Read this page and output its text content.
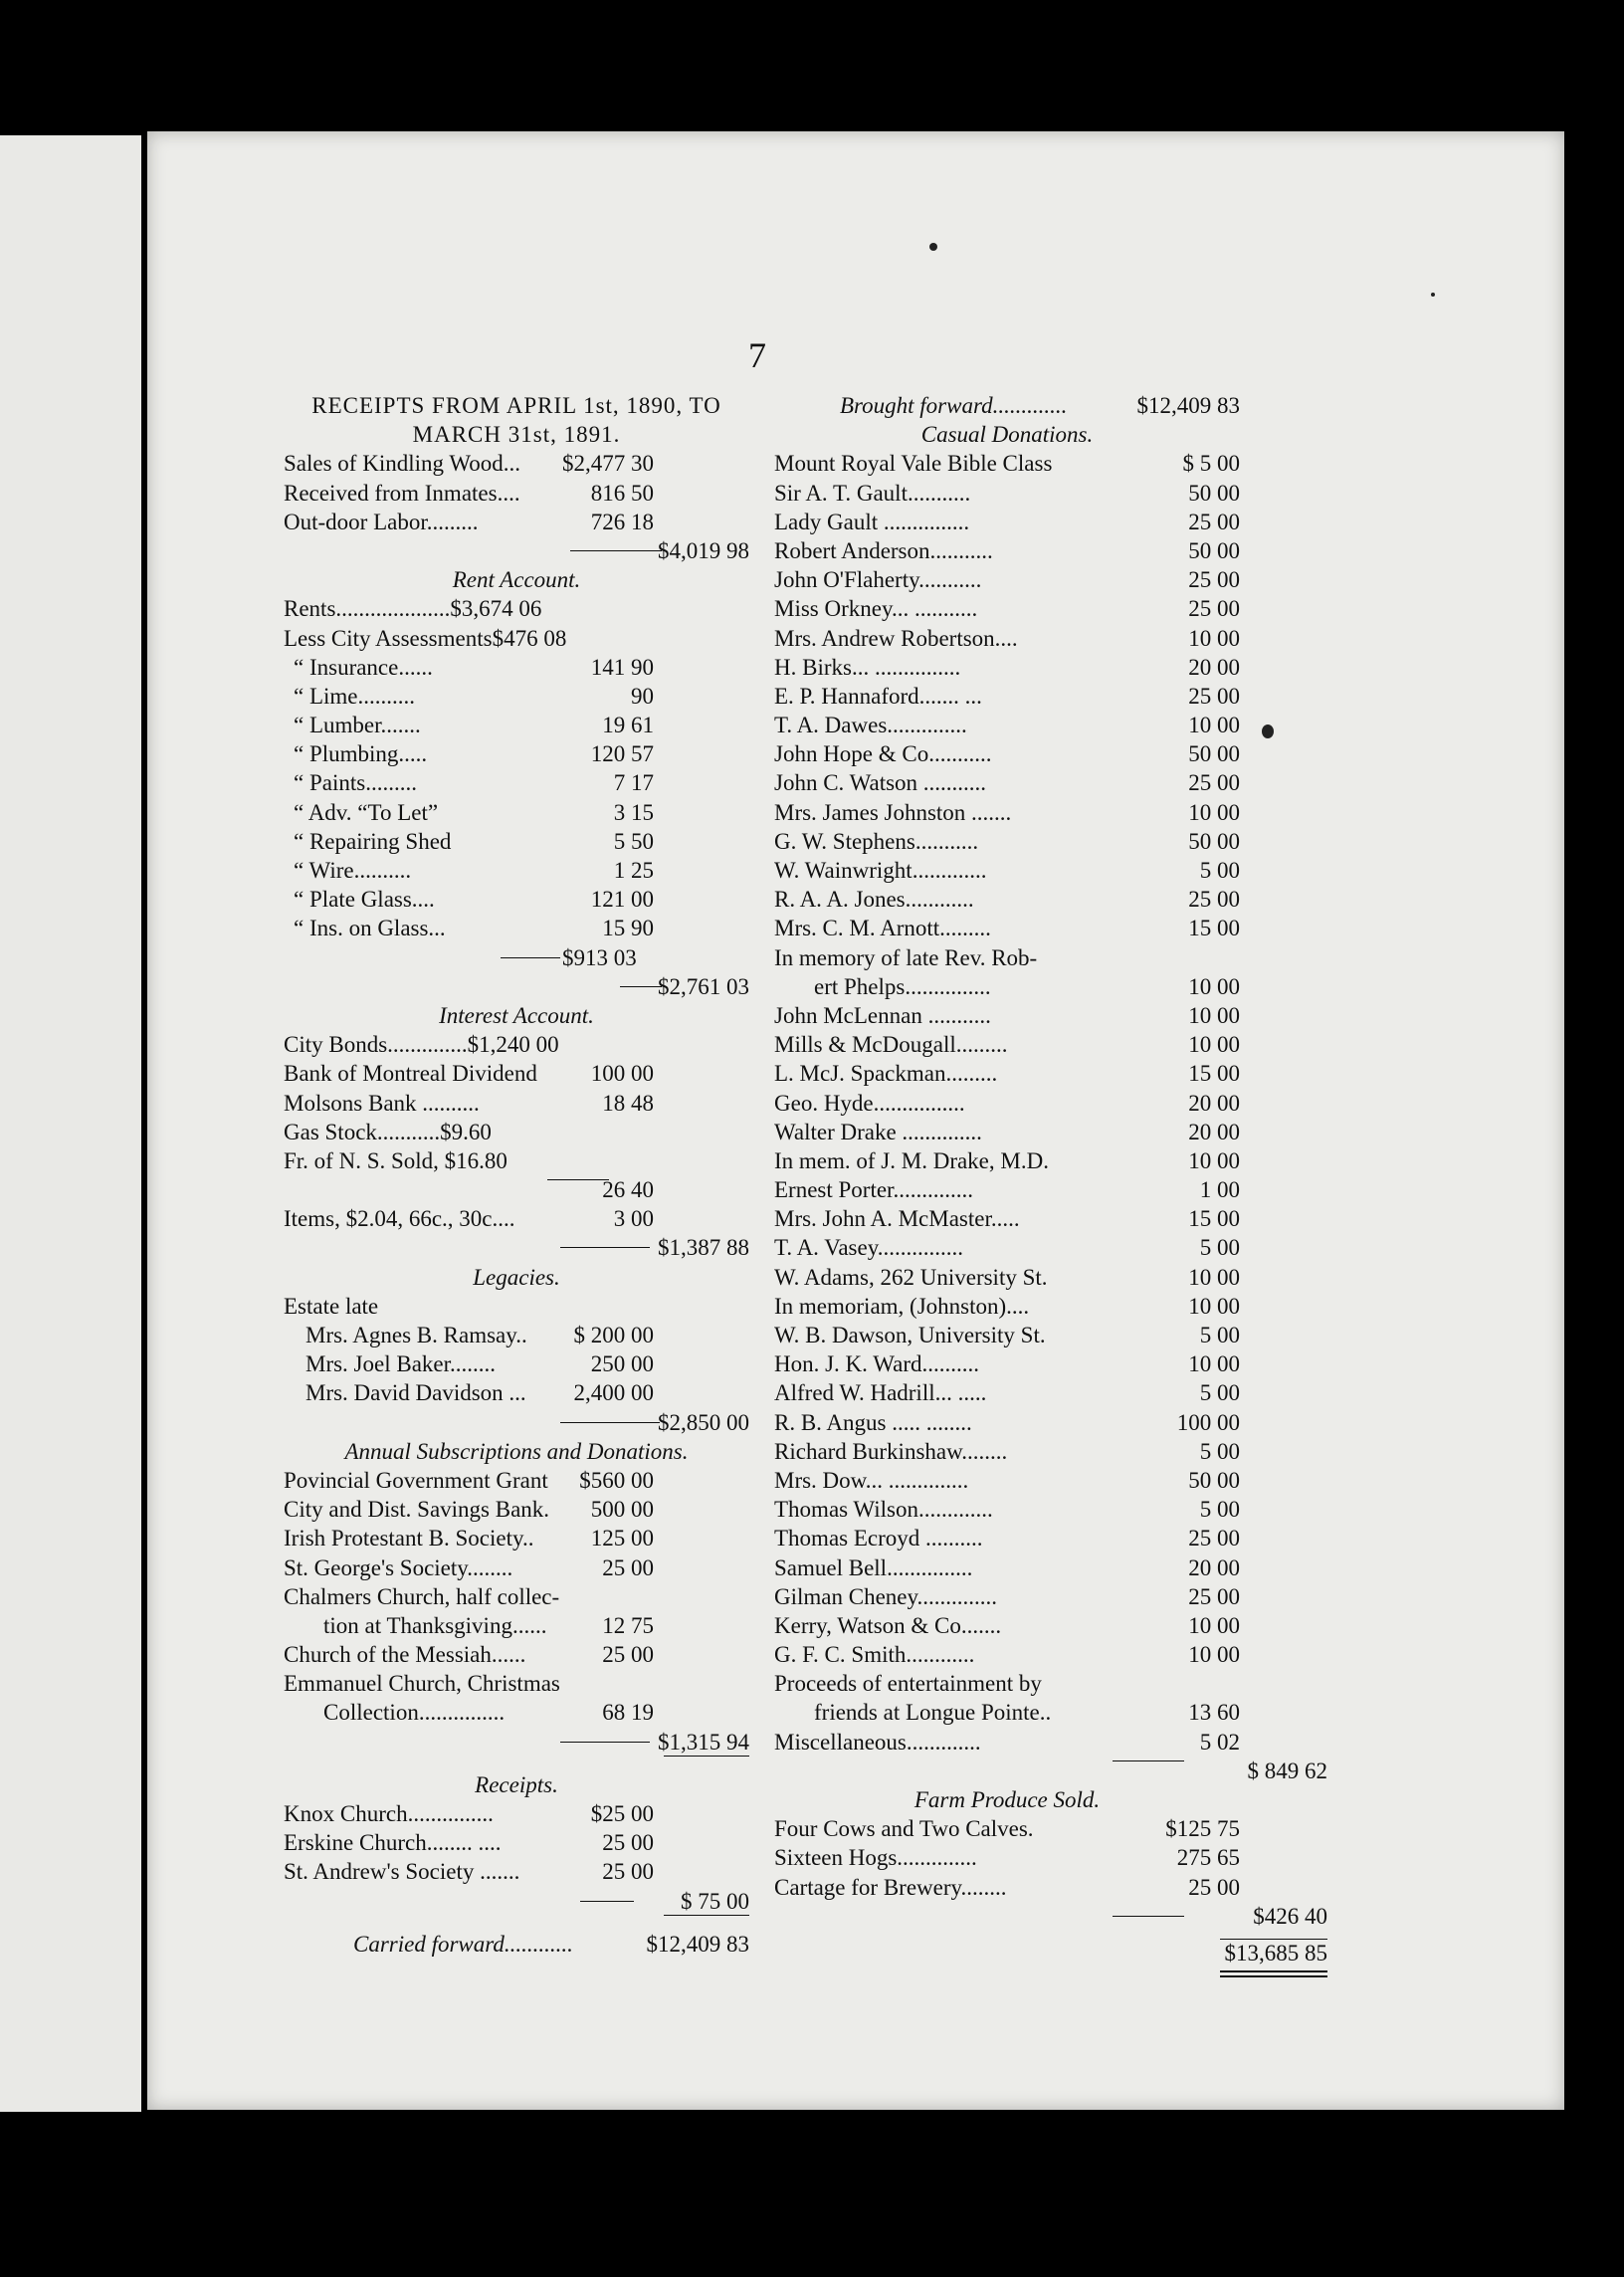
7
RECEIPTS FROM APRIL 1st, 1890, TO
MARCH 31st, 1891.
Sales of Kindling Wood... $2,477 30
Received from Inmates....	816 50
Out-door Labor.........	726 18
$4,019 98
Rent Account.
Rents....................$3,674 06
Less City Assessments$476 08
“ Insurance......	141 90
“ Lime..........	90
“ Lumber.......	19 61
“ Plumbing.....	120 57
“ Paints.........	7 17
“ Adv. “To Let”	3 15
“ Repairing Shed	5 50
“ Wire..........	1 25
“ Plate Glass....	121 00
“ Ins. on Glass...	15 90
$913 03
$2,761 03
Interest Account.
City Bonds..............$1,240 00
Bank of Montreal Dividend 100 00
Molsons Bank ..........	18 48
Gas Stock...........$9.60
Fr. of N. S. Sold, $16.80
26 40
Items, $2.04, 66c., 30c....	3 00
$1,387 88
Legacies.
Estate late
Mrs. Agnes B. Ramsay.. $ 200 00
Mrs. Joel Baker........	250 00
Mrs. David Davidson ... 2,400 00
$2,850 00
Annual Subscriptions and Donations.
Povincial Government Grant $560 00
City and Dist. Savings Bank. 500 00
Irish Protestant B. Society.. 125 00
St. George's Society........	25 00
Chalmers Church, half collec-
tion at Thanksgiving...... 12 75
Church of the Messiah......	25 00
Emmanuel Church, Christmas
Collection...............	68 19
$1,315 94
Receipts.
Knox Church...............	$25 00
Erskine Church........ ....	25 00
St. Andrew's Society .......	25 00
$ 75 00
Carried forward............	$12,409 83
Brought forward.............	$12,409 83
Casual Donations.
Mount Royal Vale Bible Class	$ 5 00
Sir A. T. Gault...........	50 00
Lady Gault ...............	25 00
Robert Anderson...........	50 00
John O'Flaherty...........	25 00
Miss Orkney... ...........	25 00
Mrs. Andrew Robertson....	10 00
H. Birks... ...............	20 00
E. P. Hannaford....... ...	25 00
T. A. Dawes..............	10 00
John Hope & Co...........	50 00
John C. Watson ...........	25 00
Mrs. James Johnston .......	10 00
G. W. Stephens...........	50 00
W. Wainwright.............	5 00
R. A. A. Jones............	25 00
Mrs. C. M. Arnott.........	15 00
In memory of late Rev. Rob-
ert Phelps...............	10 00
John McLennan ...........	10 00
Mills & McDougall.........	10 00
L. McJ. Spackman.........	15 00
Geo. Hyde................	20 00
Walter Drake ..............	20 00
In mem. of J. M. Drake, M.D.	10 00
Ernest Porter..............	1 00
Mrs. John A. McMaster.....	15 00
T. A. Vasey...............	5 00
W. Adams, 262 University St.	10 00
In memoriam, (Johnston)....	10 00
W. B. Dawson, University St.	5 00
Hon. J. K. Ward..........	10 00
Alfred W. Hadrill... .....	5 00
R. B. Angus ..... ........	100 00
Richard Burkinshaw........	5 00
Mrs. Dow... ..............	50 00
Thomas Wilson.............	5 00
Thomas Ecroyd ..........	25 00
Samuel Bell...............	20 00
Gilman Cheney..............	25 00
Kerry, Watson & Co.......	10 00
G. F. C. Smith............	10 00
Proceeds of entertainment by
friends at Longue Pointe..	13 60
Miscellaneous.............	5 02
$ 849 62
Farm Produce Sold.
Four Cows and Two Calves.	$125 75
Sixteen Hogs..............	275 65
Cartage for Brewery........	25 00
$426 40
$13,685 85
